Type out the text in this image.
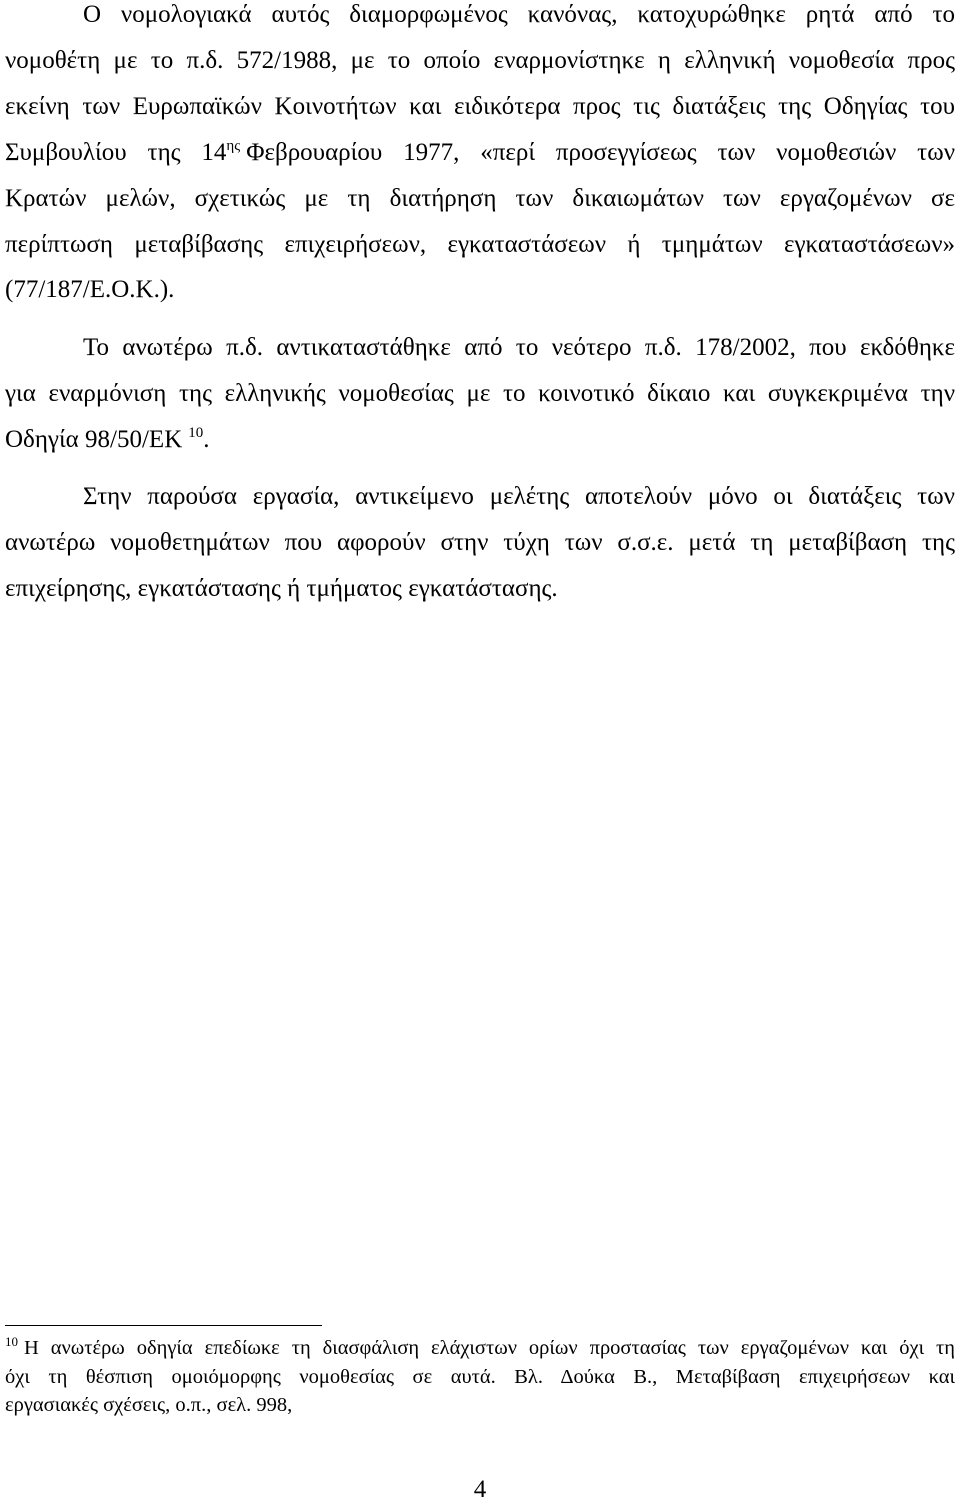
Ο νομολογιακά αυτός διαμορφωμένος κανόνας, κατοχυρώθηκε ρητά από το
νομοθέτη με το π.δ. 572/1988, με το οποίο εναρμονίστηκε η ελληνική νομοθεσία προς
εκείνη των Ευρωπαϊκών Κοινοτήτων και ειδικότερα προς τις διατάξεις της Οδηγίας του
Συμβουλίου της $14^{\eta\varsigma}$ Φεβρουαρίου 1977, «περί προσεγγίσεως των νομοθεσιών των
Κρατών μελών, σχετικώς με τη διατήρηση των δικαιωμάτων των εργαζομένων σε
περίπτωση μεταβίβασης επιχειρήσεων, εγκαταστάσεων ή τμημάτων εγκαταστάσεων»
(77/187/Ε.Ο.Κ.).
Το ανωτέρω π.δ. αντικαταστάθηκε από το νεότερο π.δ. 178/2002, που εκδόθηκε
για εναρμόνιση της ελληνικής νομοθεσίας με το κοινοτικό δίκαιο και συγκεκριμένα την
Οδηγία 98/50/ΕΚ $^{10}$.
Στην παρούσα εργασία, αντικείμενο μελέτης αποτελούν μόνο οι διατάξεις των
ανωτέρω νομοθετημάτων που αφορούν στην τύχη των σ.σ.ε. μετά τη μεταβίβαση της
επιχείρησης, εγκατάστασης ή τμήματος εγκατάστασης.
$^{10}$ Η ανωτέρω οδηγία επεδίωκε τη διασφάλιση ελάχιστων ορίων προστασίας των εργαζομένων και όχι τη
όχι τη θέσπιση ομοιόμορφης νομοθεσίας σε αυτά. Βλ. Δούκα Β., Μεταβίβαση επιχειρήσεων και
εργασιακές σχέσεις, ο.π., σελ. 998,
4
